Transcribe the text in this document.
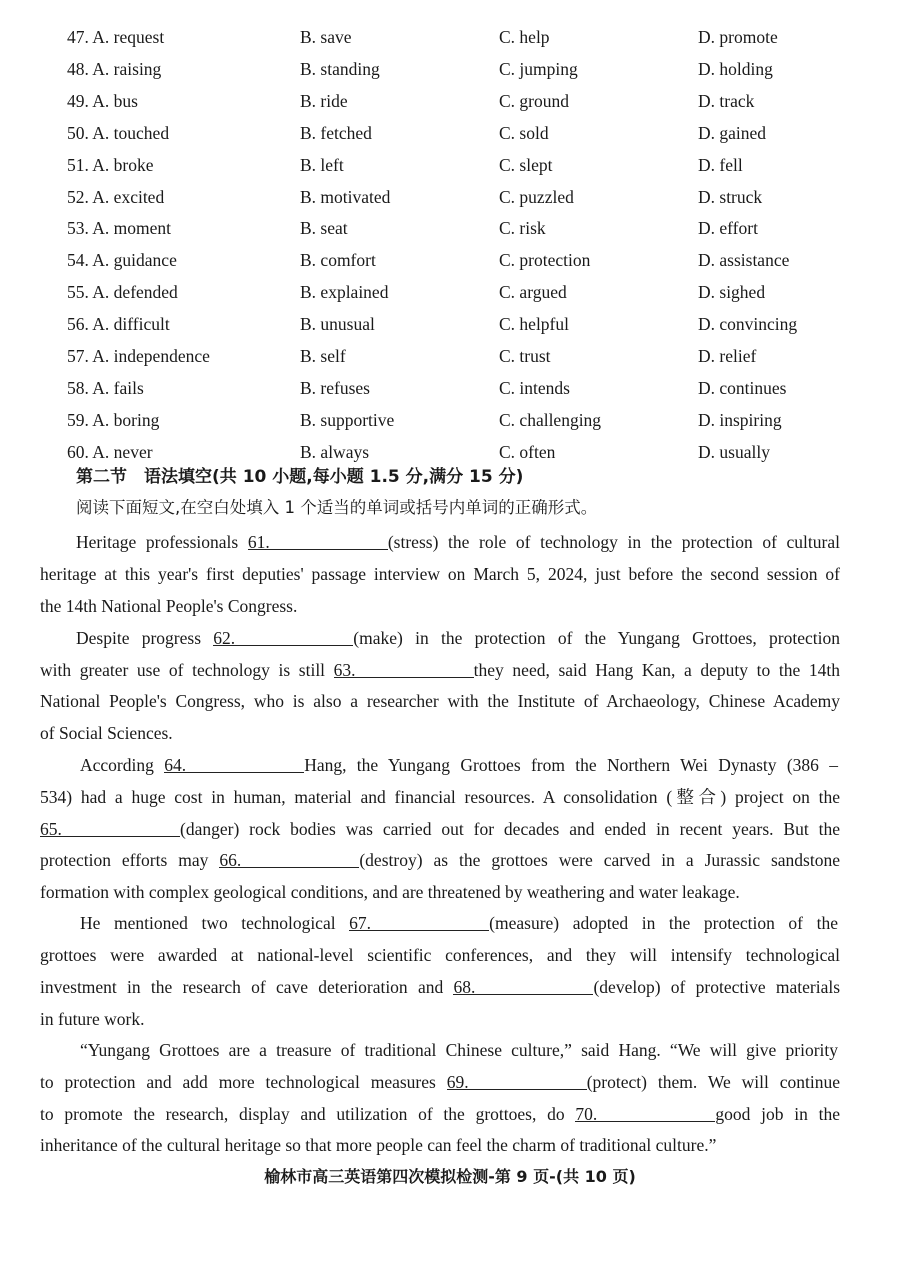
47. A. request	B. save	C. help	D. promote
48. A. raising	B. standing	C. jumping	D. holding
49. A. bus	B. ride	C. ground	D. track
50. A. touched	B. fetched	C. sold	D. gained
51. A. broke	B. left	C. slept	D. fell
52. A. excited	B. motivated	C. puzzled	D. struck
53. A. moment	B. seat	C. risk	D. effort
54. A. guidance	B. comfort	C. protection	D. assistance
55. A. defended	B. explained	C. argued	D. sighed
56. A. difficult	B. unusual	C. helpful	D. convincing
57. A. independence	B. self	C. trust	D. relief
58. A. fails	B. refuses	C. intends	D. continues
59. A. boring	B. supportive	C. challenging	D. inspiring
60. A. never	B. always	C. often	D. usually
第二节　语法填空(共 10 小题,每小题 1.5 分,满分 15 分)
阅读下面短文,在空白处填入 1 个适当的单词或括号内单词的正确形式。
Heritage professionals 61.	(stress) the role of technology in the protection of cultural
heritage at this year's first deputies' passage interview on March 5, 2024, just before the second session of
the 14th National People's Congress.
Despite progress 62.	(make) in the protection of the Yungang Grottoes, protection
with greater use of technology is still 63.	they need, said Hang Kan, a deputy to the 14th
National People's Congress, who is also a researcher with the Institute of Archaeology, Chinese Academy
of Social Sciences.
According 64.	Hang, the Yungang Grottoes from the Northern Wei Dynasty (386 –
534) had a huge cost in human, material and financial resources. A consolidation (整合) project on the
65.	(danger) rock bodies was carried out for decades and ended in recent years. But the
protection efforts may 66.	(destroy) as the grottoes were carved in a Jurassic sandstone
formation with complex geological conditions, and are threatened by weathering and water leakage.
He mentioned two technological 67.	(measure) adopted in the protection of the
grottoes were awarded at national-level scientific conferences, and they will intensify technological
investment in the research of cave deterioration and 68.	(develop) of protective materials
in future work.
“Yungang Grottoes are a treasure of traditional Chinese culture,” said Hang. “We will give priority
to protection and add more technological measures 69.	(protect) them. We will continue
to promote the research, display and utilization of the grottoes, do 70.	good job in the
inheritance of the cultural heritage so that more people can feel the charm of traditional culture.”
榆林市高三英语第四次模拟检测-第 9 页-(共 10 页)
